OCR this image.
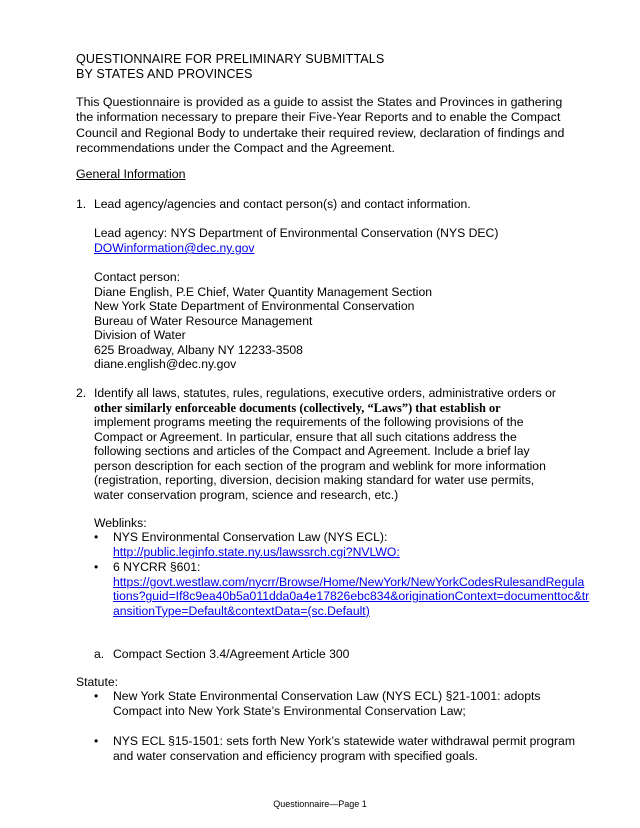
QUESTIONNAIRE FOR PRELIMINARY SUBMITTALS
BY STATES AND PROVINCES
This Questionnaire is provided as a guide to assist the States and Provinces in gathering the information necessary to prepare their Five-Year Reports and to enable the Compact Council and Regional Body to undertake their required review, declaration of findings and recommendations under the Compact and the Agreement.
General Information
1. Lead agency/agencies and contact person(s) and contact information.
Lead agency: NYS Department of Environmental Conservation (NYS DEC)
DOWinformation@dec.ny.gov
Contact person:
Diane English, P.E Chief, Water Quantity Management Section
New York State Department of Environmental Conservation
Bureau of Water Resource Management
Division of Water
625 Broadway, Albany NY 12233-3508
diane.english@dec.ny.gov
2. Identify all laws, statutes, rules, regulations, executive orders, administrative orders or
other similarly enforceable documents (collectively, “Laws”) that establish or
implement programs meeting the requirements of the following provisions of the
Compact or Agreement. In particular, ensure that all such citations address the
following sections and articles of the Compact and Agreement. Include a brief lay
person description for each section of the program and weblink for more information
(registration, reporting, diversion, decision making standard for water use permits,
water conservation program, science and research, etc.)
Weblinks:
• NYS Environmental Conservation Law (NYS ECL):
http://public.leginfo.state.ny.us/lawssrch.cgi?NVLWO:
• 6 NYCRR §601:
https://govt.westlaw.com/nycrr/Browse/Home/NewYork/NewYorkCodesRulesandRegula
tions?guid=If8c9ea40b5a011dda0a4e17826ebc834&originationContext=documenttoc&tr
ansitionType=Default&contextData=(sc.Default)
a. Compact Section 3.4/Agreement Article 300
Statute:
• New York State Environmental Conservation Law (NYS ECL) §21-1001: adopts
Compact into New York State’s Environmental Conservation Law;
• NYS ECL §15-1501: sets forth New York’s statewide water withdrawal permit program
and water conservation and efficiency program with specified goals.
Questionnaire—Page 1
